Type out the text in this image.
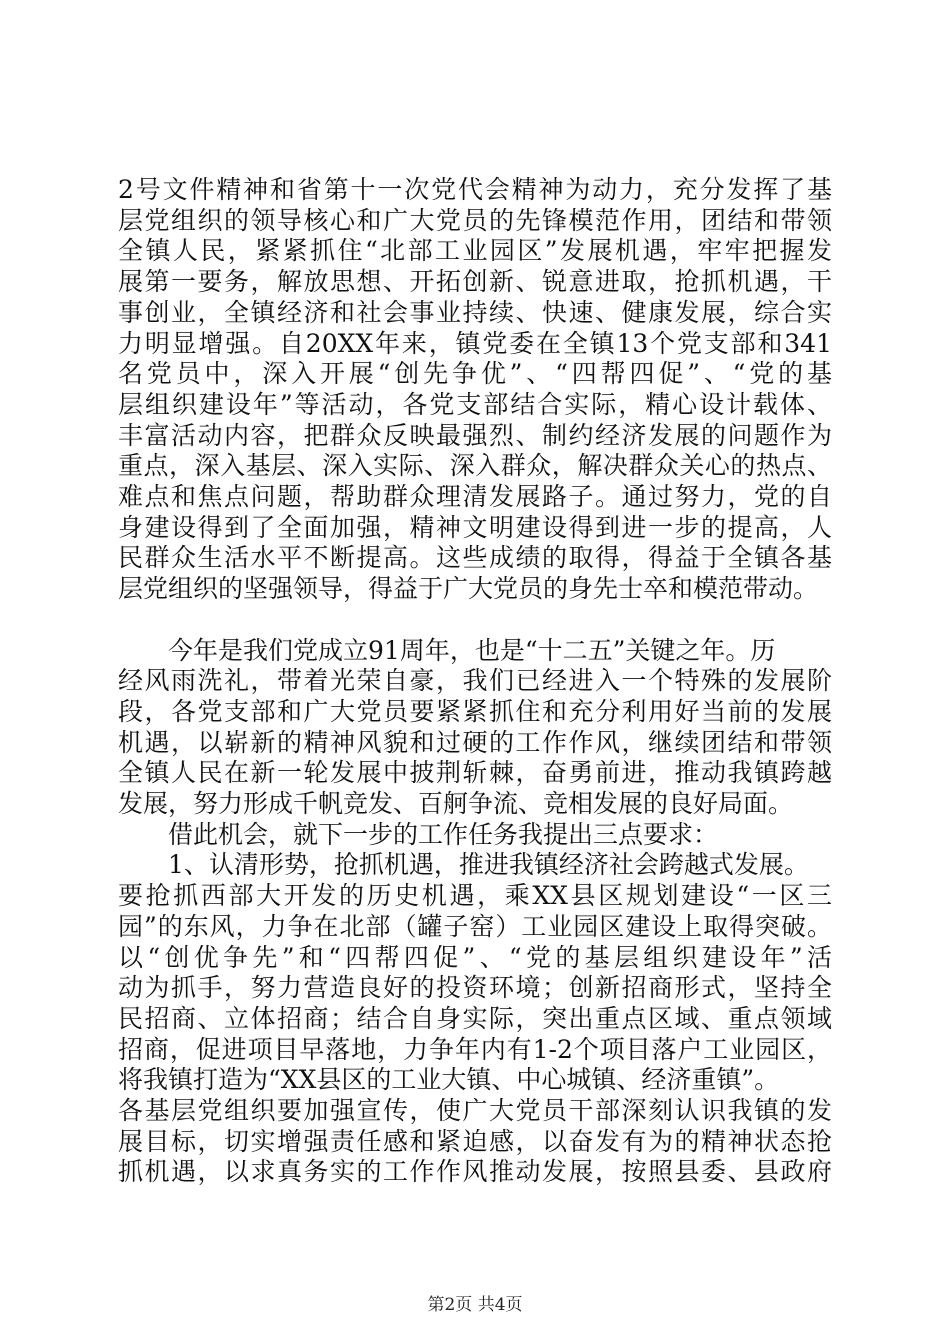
2号文件精神和省第十一次党代会精神为动力，充分发挥了基
层党组织的领导核心和广大党员的先锋模范作用，团结和带领
全镇人民，紧紧抓住“北部工业园区”发展机遇，牢牢把握发
展第一要务，解放思想、开拓创新、锐意进取，抢抓机遇，干
事创业，全镇经济和社会事业持续、快速、健康发展，综合实
力明显增强。自20XX年来，镇党委在全镇13个党支部和341
名党员中，深入开展“创先争优”、“四帮四促”、“党的基
层组织建设年”等活动，各党支部结合实际，精心设计载体、
丰富活动内容，把群众反映最强烈、制约经济发展的问题作为
重点，深入基层、深入实际、深入群众，解决群众关心的热点、
难点和焦点问题，帮助群众理清发展路子。通过努力，党的自
身建设得到了全面加强，精神文明建设得到进一步的提高，人
民群众生活水平不断提高。这些成绩的取得，得益于全镇各基
层党组织的坚强领导，得益于广大党员的身先士卒和模范带动。
　　今年是我们党成立91周年，也是“十二五”关键之年。历
经风雨洗礼，带着光荣自豪，我们已经进入一个特殊的发展阶
段，各党支部和广大党员要紧紧抓住和充分利用好当前的发展
机遇，以崭新的精神风貌和过硬的工作作风，继续团结和带领
全镇人民在新一轮发展中披荆斩棘，奋勇前进，推动我镇跨越
发展，努力形成千帆竞发、百舸争流、竞相发展的良好局面。
　　借此机会，就下一步的工作任务我提出三点要求：
　　1、认清形势，抢抓机遇，推进我镇经济社会跨越式发展。
要抢抓西部大开发的历史机遇，乘XX县区规划建设“一区三
园”的东风，力争在北部（罐子窑）工业园区建设上取得突破。
以“创优争先”和“四帮四促”、“党的基层组织建设年”活
动为抓手，努力营造良好的投资环境；创新招商形式，坚持全
民招商、立体招商；结合自身实际，突出重点区域、重点领域
招商，促进项目早落地，力争年内有1-2个项目落户工业园区，
将我镇打造为“XX县区的工业大镇、中心城镇、经济重镇”。
各基层党组织要加强宣传，使广大党员干部深刻认识我镇的发
展目标，切实增强责任感和紧迫感，以奋发有为的精神状态抢
抓机遇，以求真务实的工作作风推动发展，按照县委、县政府
第2页 共4页
